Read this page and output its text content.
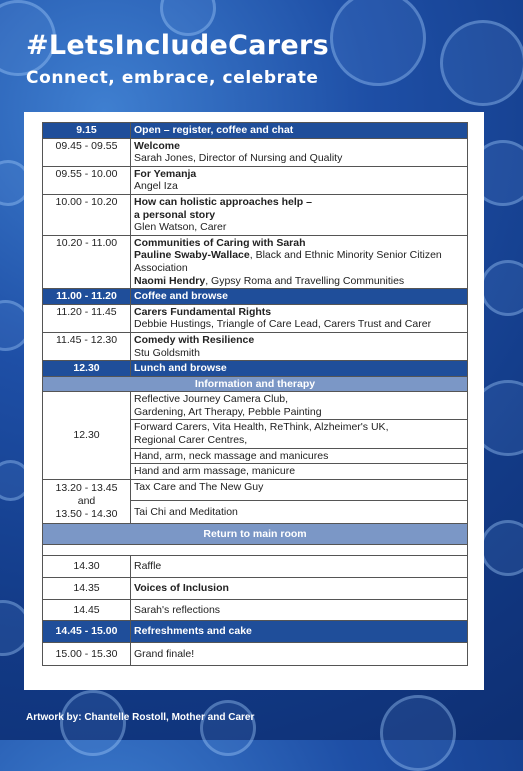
#LetsIncludeCarers
Connect, embrace, celebrate
9.15	Open – register, coffee and chat
09.45 - 09.55	Welcome
Sarah Jones, Director of Nursing and Quality

09.55 - 10.00	For Yemanja
Angel Iza

10.00 - 10.20	How can holistic approaches help –
a personal story
Glen Watson, Carer

10.20 - 11.00	Communities of Caring with Sarah
Pauline Swaby-Wallace, Black and Ethnic Minority Senior Citizen Association
Naomi Hendry, Gypsy Roma and Travelling Communities

11.00 - 11.20	Coffee and browse
11.20 - 11.45	Carers Fundamental Rights
Debbie Hustings, Triangle of Care Lead, Carers Trust and Carer

11.45 - 12.30	Comedy with Resilience
Stu Goldsmith

12.30	Lunch and browse
Information and therapy	
12.30	Reflective Journey Camera Club,
Gardening, Art Therapy, Pebble Painting

	Forward Carers, Vita Health, ReThink, Alzheimer's UK,
Regional Carer Centres,

	Hand, arm, neck massage and manicures
	Hand and arm massage, manicure

13.20 - 13.45
and
13.50 - 14.30	Tax Care and The New Guy
	Tai Chi and Meditation
Return to main room	

14.30	Raffle
14.35	Voices of Inclusion
14.45	Sarah's reflections
14.45 - 15.00	Refreshments and cake
15.00 - 15.30	Grand finale!
Artwork by: Chantelle Rostoll, Mother and Carer
